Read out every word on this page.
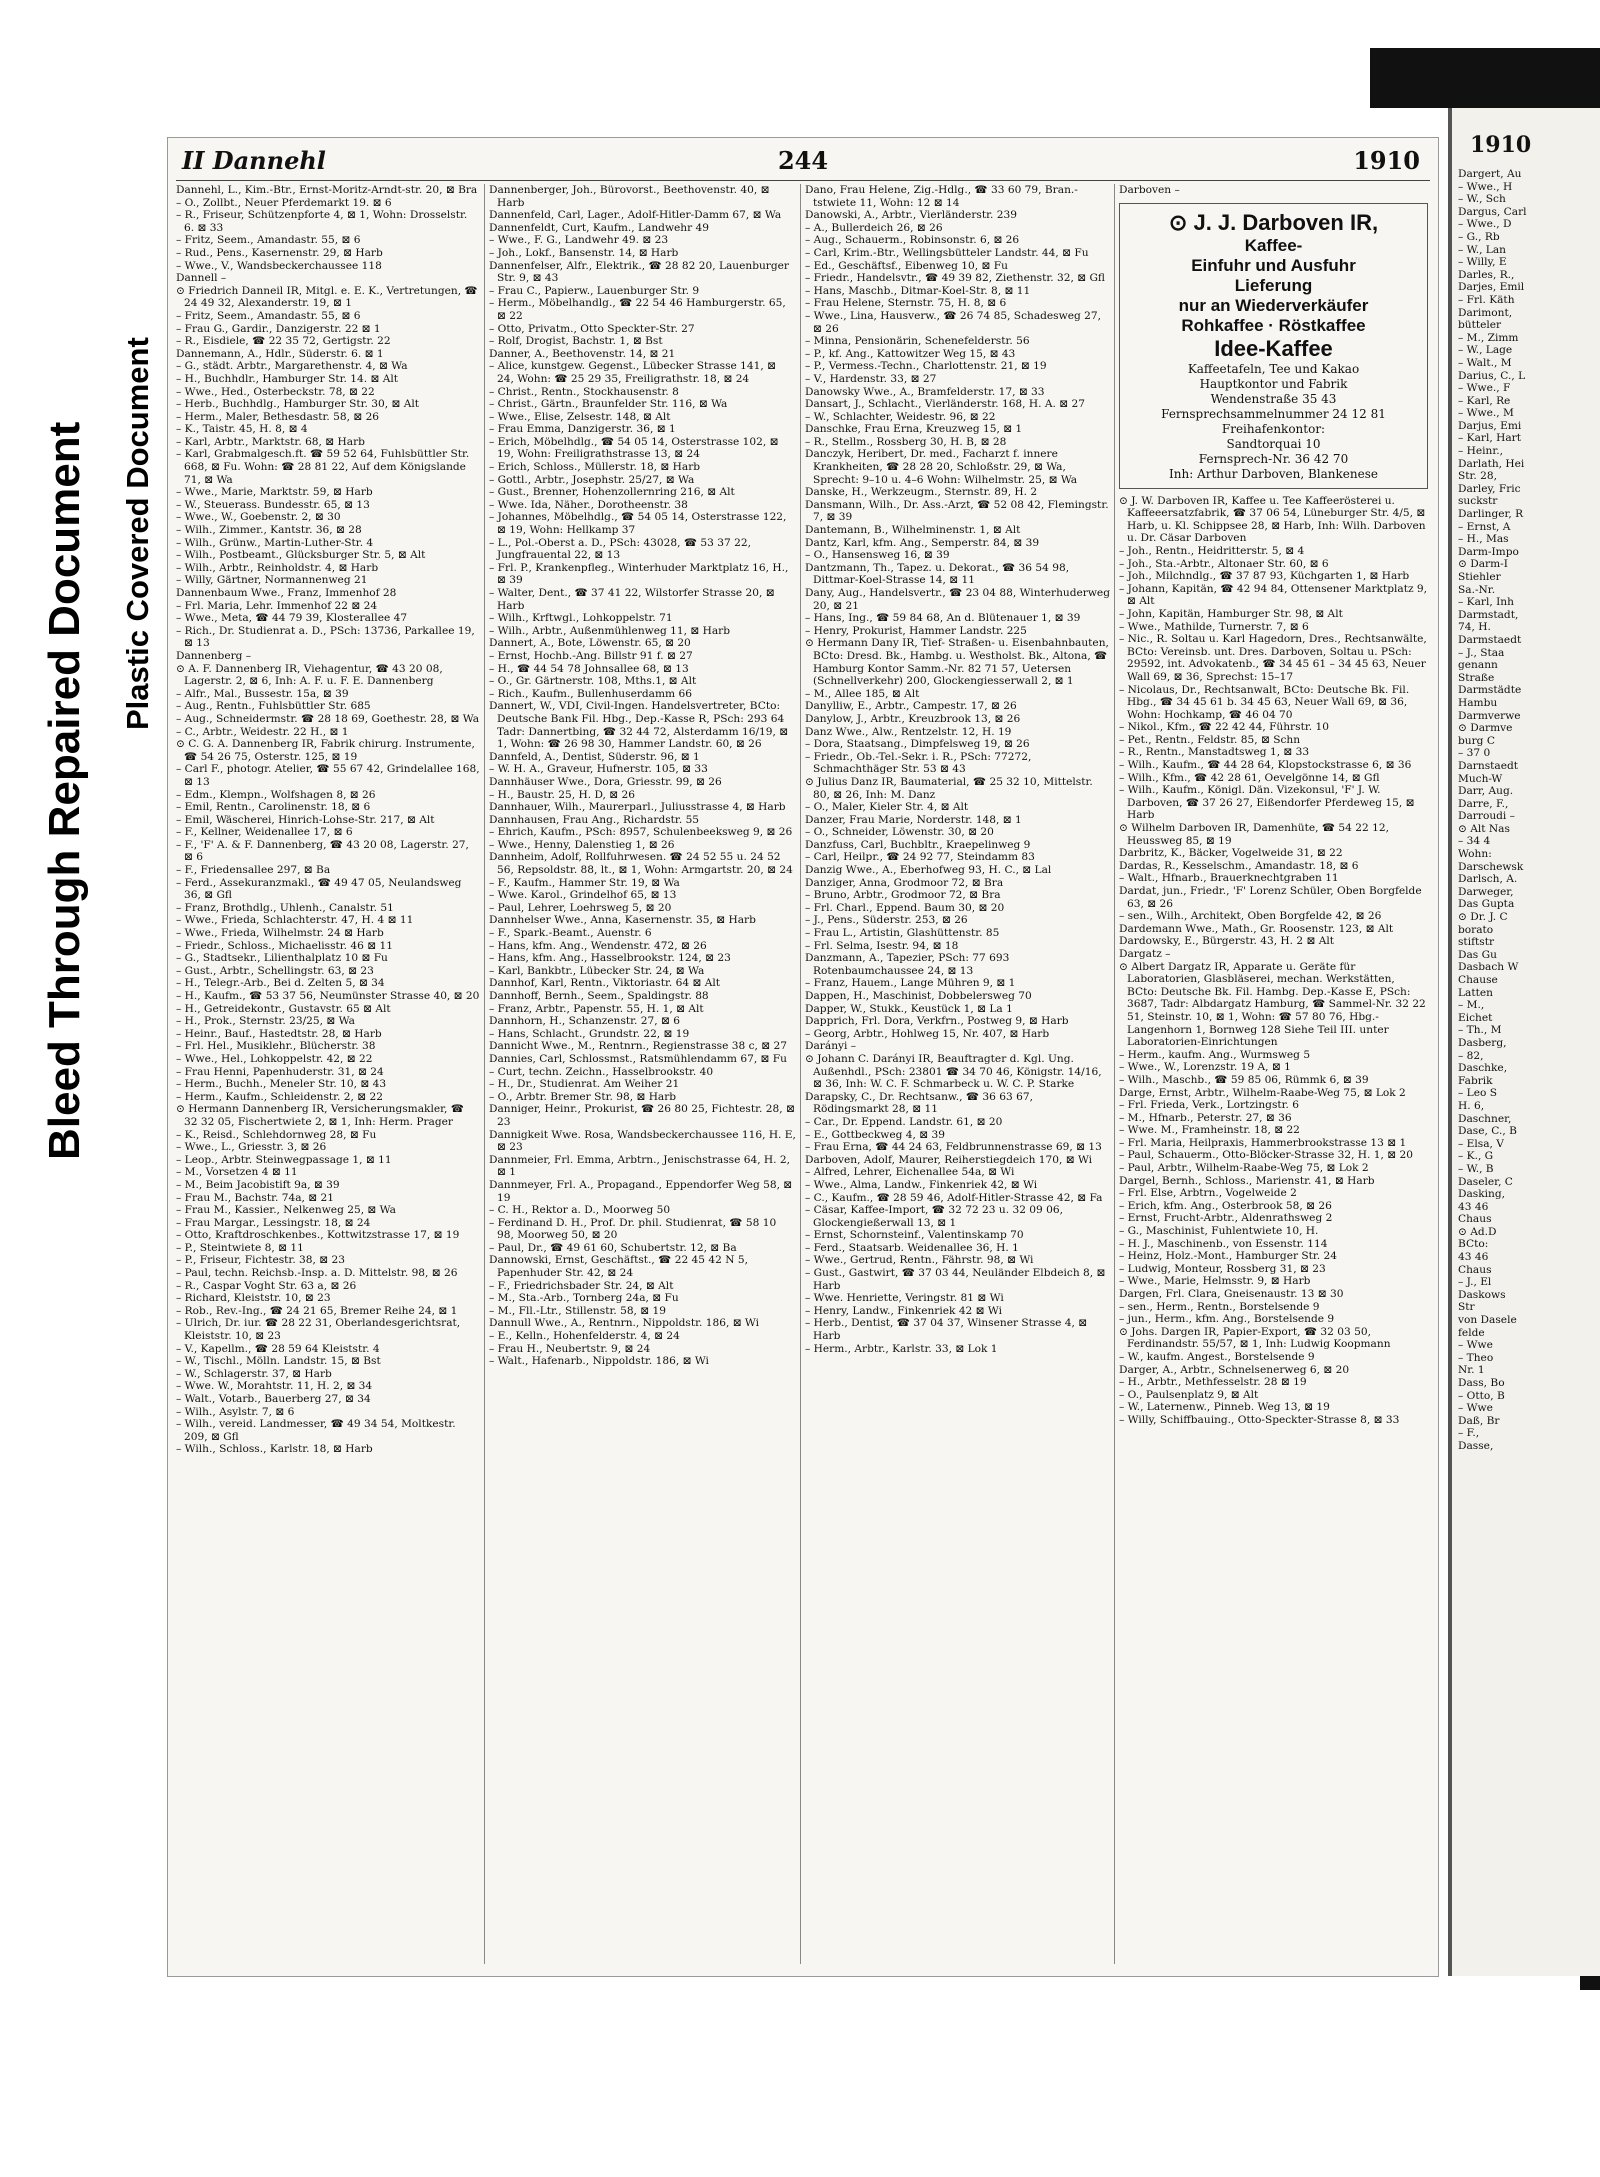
Bleed Through Repaired Document Plastic Covered Document
II Dannehl	244	1910
Dannehl, L., Kim.-Btr., Ernst-Moritz-Arndt-str. 20, ⊠ Bra
– O., Zollbt., Neuer Pferdemarkt 19. ⊠ 6
– R., Friseur, Schützenpforte 4, ⊠ 1, Wohn: Drosselstr. 6. ⊠ 33
– Fritz, Seem., Amandastr. 55, ⊠ 6
– Rud., Pens., Kasernenstr. 29, ⊠ Harb
– Wwe., V., Wandsbeckerchaussee 118
Dannell –
⊙ Friedrich Danneil IR, Mitgl. e. E. K., Vertretungen, ☎ 24 49 32, Alexanderstr. 19, ⊠ 1
– Fritz, Seem., Amandastr. 55, ⊠ 6
– Frau G., Gardir., Danzigerstr. 22 ⊠ 1
– R., Eisdiele, ☎ 22 35 72, Gertigstr. 22
Dannemann, A., Hdlr., Süderstr. 6. ⊠ 1
– G., städt. Arbtr., Margarethenstr. 4, ⊠ Wa
– H., Buchhdlr., Hamburger Str. 14. ⊠ Alt
– Wwe., Hed., Osterbeckstr. 78, ⊠ 22
– Herb., Buchhdlg., Hamburger Str. 30, ⊠ Alt
– Herm., Maler, Bethesdastr. 58, ⊠ 26
– K., Taistr. 45, H. 8, ⊠ 4
– Karl, Arbtr., Marktstr. 68, ⊠ Harb
– Karl, Grabmalgesch.ft. ☎ 59 52 64, Fuhlsbüttler Str. 668, ⊠ Fu. Wohn: ☎ 28 81 22, Auf dem Königslande 71, ⊠ Wa
– Wwe., Marie, Marktstr. 59, ⊠ Harb
– W., Steuerass. Bundesstr. 65, ⊠ 13
– Wwe., W., Goebenstr. 2, ⊠ 30
– Wilh., Zimmer., Kantstr. 36, ⊠ 28
– Wilh., Grünw., Martin-Luther-Str. 4
– Wilh., Postbeamt., Glücksburger Str. 5, ⊠ Alt
– Wilh., Arbtr., Reinholdstr. 4, ⊠ Harb
– Willy, Gärtner, Normannenweg 21
Dannenbaum Wwe., Franz, Immenhof 28
– Frl. Maria, Lehr. Immenhof 22 ⊠ 24
– Wwe., Meta, ☎ 44 79 39, Klosterallee 47
– Rich., Dr. Studienrat a. D., PSch: 13736, Parkallee 19, ⊠ 13
Dannenberg –
⊙ A. F. Dannenberg IR, Viehagentur, ☎ 43 20 08, Lagerstr. 2, ⊠ 6, Inh: A. F. u. F. E. Dannenberg
– Alfr., Mal., Bussestr. 15a, ⊠ 39
– Aug., Rentn., Fuhlsbüttler Str. 685
– Aug., Schneidermstr. ☎ 28 18 69, Goethestr. 28, ⊠ Wa
– C., Arbtr., Weidestr. 22 H., ⊠ 1
⊙ C. G. A. Dannenberg IR, Fabrik chirurg. Instrumente, ☎ 54 26 75, Osterstr. 125, ⊠ 19
– Carl F., photogr. Atelier, ☎ 55 67 42, Grindelallee 168, ⊠ 13
– Edm., Klempn., Wolfshagen 8, ⊠ 26
– Emil, Rentn., Carolinenstr. 18, ⊠ 6
– Emil, Wäscherei, Hinrich-Lohse-Str. 217, ⊠ Alt
– F., Kellner, Weidenallee 17, ⊠ 6
– F., 'F' A. & F. Dannenberg, ☎ 43 20 08, Lagerstr. 27, ⊠ 6
– F., Friedensallee 297, ⊠ Ba
– Ferd., Assekuranzmakl., ☎ 49 47 05, Neulandsweg 36, ⊠ Gfl
– Franz, Brothdlg., Uhlenh., Canalstr. 51
– Wwe., Frieda, Schlachterstr. 47, H. 4 ⊠ 11
– Wwe., Frieda, Wilhelmstr. 24 ⊠ Harb
– Friedr., Schloss., Michaelisstr. 46 ⊠ 11
– G., Stadtsekr., Lilienthalplatz 10 ⊠ Fu
– Gust., Arbtr., Schellingstr. 63, ⊠ 23
– H., Telegr.-Arb., Bei d. Zelten 5, ⊠ 34
– H., Kaufm., ☎ 53 37 56, Neumünster Strasse 40, ⊠ 20
– H., Getreidekontr., Gustavstr. 65 ⊠ Alt
– H., Prok., Sternstr. 23/25, ⊠ Wa
– Heinr., Bauf., Hastedtstr. 28, ⊠ Harb
– Frl. Hel., Musiklehr., Blücherstr. 38
– Wwe., Hel., Lohkoppelstr. 42, ⊠ 22
– Frau Henni, Papenhuderstr. 31, ⊠ 24
– Herm., Buchh., Meneler Str. 10, ⊠ 43
– Herm., Kaufm., Schleidenstr. 2, ⊠ 22
⊙ Hermann Dannenberg IR, Versicherungsmakler, ☎ 32 32 05, Fischertwiete 2, ⊠ 1, Inh: Herm. Prager
– K., Reisd., Schlehdornweg 28, ⊠ Fu
– Wwe., L., Griesstr. 3, ⊠ 26
– Leop., Arbtr. Steinwegpassage 1, ⊠ 11
– M., Vorsetzen 4 ⊠ 11
– M., Beim Jacobistift 9a, ⊠ 39
– Frau M., Bachstr. 74a, ⊠ 21
– Frau M., Kassier., Nelkenweg 25, ⊠ Wa
– Frau Margar., Lessingstr. 18, ⊠ 24
– Otto, Kraftdroschkenbes., Kottwitzstrasse 17, ⊠ 19
– P., Steintwiete 8, ⊠ 11
– P., Friseur, Fichtestr. 38, ⊠ 23
– Paul, techn. Reichsb.-Insp. a. D. Mittelstr. 98, ⊠ 26
– R., Caspar Voght Str. 63 a, ⊠ 26
– Richard, Kleiststr. 10, ⊠ 23
– Rob., Rev.-Ing., ☎ 24 21 65, Bremer Reihe 24, ⊠ 1
– Ulrich, Dr. iur. ☎ 28 22 31, Oberlandesgerichtsrat, Kleiststr. 10, ⊠ 23
– V., Kapellm., ☎ 28 59 64 Kleiststr. 4
– W., Tischl., Mölln. Landstr. 15, ⊠ Bst
– W., Schlagerstr. 37, ⊠ Harb
– Wwe. W., Morahtstr. 11, H. 2, ⊠ 34
– Walt., Votarb., Bauerberg 27, ⊠ 34
– Wilh., Asylstr. 7, ⊠ 6
– Wilh., vereid. Landmesser, ☎ 49 34 54, Moltkestr. 209, ⊠ Gfl
– Wilh., Schloss., Karlstr. 18, ⊠ Harb
Dannenberger, Joh., Bürovorst., Beethovenstr. 40, ⊠ Harb
Dannenfeld, Carl, Lager., Adolf-Hitler-Damm 67, ⊠ Wa
Dannenfeldt, Curt, Kaufm., Landwehr 49
– Wwe., F. G., Landwehr 49. ⊠ 23
– Joh., Lokf., Bansenstr. 14, ⊠ Harb
Dannenfelser, Alfr., Elektrik., ☎ 28 82 20, Lauenburger Str. 9, ⊠ 43
– Frau C., Papierw., Lauenburger Str. 9
– Herm., Möbelhandlg., ☎ 22 54 46 Hamburgerstr. 65, ⊠ 22
– Otto, Privatm., Otto Speckter-Str. 27
– Rolf, Drogist, Bachstr. 1, ⊠ Bst
Danner, A., Beethovenstr. 14, ⊠ 21
– Alice, kunstgew. Gegenst., Lübecker Strasse 141, ⊠ 24, Wohn: ☎ 25 29 35, Freiligrathstr. 18, ⊠ 24
– Christ., Rentn., Stockhausenstr. 8
– Christ., Gärtn., Braunfelder Str. 116, ⊠ Wa
– Wwe., Elise, Zelsestr. 148, ⊠ Alt
– Frau Emma, Danzigerstr. 36, ⊠ 1
– Erich, Möbelhdlg., ☎ 54 05 14, Osterstrasse 102, ⊠ 19, Wohn: Freiligrathstrasse 13, ⊠ 24
– Erich, Schloss., Müllerstr. 18, ⊠ Harb
– Gottl., Arbtr., Josephstr. 25/27, ⊠ Wa
– Gust., Brenner, Hohenzollernring 216, ⊠ Alt
– Wwe. Ida, Näher., Dorotheenstr. 38
– Johannes, Möbelhdlg., ☎ 54 05 14, Osterstrasse 122, ⊠ 19, Wohn: Hellkamp 37
– L., Pol.-Oberst a. D., PSch: 43028, ☎ 53 37 22, Jungfrauental 22, ⊠ 13
– Frl. P., Krankenpfleg., Winterhuder Marktplatz 16, H., ⊠ 39
– Walter, Dent., ☎ 37 41 22, Wilstorfer Strasse 20, ⊠ Harb
– Wilh., Krftwgl., Lohkoppelstr. 71
– Wilh., Arbtr., Außenmühlenweg 11, ⊠ Harb
Dannert, A., Bote, Löwenstr. 65, ⊠ 20
– Ernst, Hochb.-Ang. Billstr 91 f. ⊠ 27
– H., ☎ 44 54 78 Johnsallee 68, ⊠ 13
– O., Gr. Gärtnerstr. 108, Mths.1, ⊠ Alt
– Rich., Kaufm., Bullenhuserdamm 66
Dannert, W., VDI, Civil-Ingen. Handelsvertreter, BCto: Deutsche Bank Fil. Hbg., Dep.-Kasse R, PSch: 293 64 Tadr: Dannertbing, ☎ 32 44 72, Alsterdamm 16/19, ⊠ 1, Wohn: ☎ 26 98 30, Hammer Landstr. 60, ⊠ 26
Dannfeld, A., Dentist, Süderstr. 96, ⊠ 1
– W. H. A., Graveur, Hufnerstr. 105, ⊠ 33
Dannhäuser Wwe., Dora, Griesstr. 99, ⊠ 26
– H., Baustr. 25, H. D, ⊠ 26
Dannhauer, Wilh., Maurerparl., Juliusstrasse 4, ⊠ Harb
Dannhausen, Frau Ang., Richardstr. 55
– Ehrich, Kaufm., PSch: 8957, Schulenbeeksweg 9, ⊠ 26
– Wwe., Henny, Dalenstieg 1, ⊠ 26
Dannheim, Adolf, Rollfuhrwesen. ☎ 24 52 55 u. 24 52 56, Repsoldstr. 88, lt., ⊠ 1, Wohn: Armgartstr. 20, ⊠ 24
– F., Kaufm., Hammer Str. 19, ⊠ Wa
– Wwe. Karol., Grindelhof 65, ⊠ 13
– Paul, Lehrer, Loehrsweg 5, ⊠ 20
Dannhelser Wwe., Anna, Kasernenstr. 35, ⊠ Harb
– F., Spark.-Beamt., Auenstr. 6
– Hans, kfm. Ang., Wendenstr. 472, ⊠ 26
– Hans, kfm. Ang., Hasselbrookstr. 124, ⊠ 23
– Karl, Bankbtr., Lübecker Str. 24, ⊠ Wa
Dannhof, Karl, Rentn., Viktoriastr. 64 ⊠ Alt
Dannhoff, Bernh., Seem., Spaldingstr. 88
– Franz, Arbtr., Papenstr. 55, H. 1, ⊠ Alt
Dannhorn, H., Schanzenstr. 27, ⊠ 6
– Hans, Schlacht., Grundstr. 22, ⊠ 19
Dannicht Wwe., M., Rentnrn., Regienstrasse 38 c, ⊠ 27
Dannies, Carl, Schlossmst., Ratsmühlendamm 67, ⊠ Fu
– Curt, techn. Zeichn., Hasselbrookstr. 40
– H., Dr., Studienrat. Am Weiher 21
– O., Arbtr. Bremer Str. 98, ⊠ Harb
Danniger, Heinr., Prokurist, ☎ 26 80 25, Fichtestr. 28, ⊠ 23
Dannigkeit Wwe. Rosa, Wandsbeckerchaussee 116, H. E, ⊠ 23
Dannmeier, Frl. Emma, Arbtrn., Jenischstrasse 64, H. 2, ⊠ 1
Dannmeyer, Frl. A., Propagand., Eppendorfer Weg 58, ⊠ 19
– C. H., Rektor a. D., Moorweg 50
– Ferdinand D. H., Prof. Dr. phil. Studienrat, ☎ 58 10 98, Moorweg 50, ⊠ 20
– Paul, Dr., ☎ 49 61 60, Schubertstr. 12, ⊠ Ba
Dannowski, Ernst, Geschäftst., ☎ 22 45 42 N 5, Papenhuder Str. 42, ⊠ 24
– F., Friedrichsbader Str. 24, ⊠ Alt
– M., Sta.-Arb., Tornberg 24a, ⊠ Fu
– M., Fll.-Ltr., Stillenstr. 58, ⊠ 19
Dannull Wwe., A., Rentnrn., Nippoldstr. 186, ⊠ Wi
– E., Kelln., Hohenfelderstr. 4, ⊠ 24
– Frau H., Neubertstr. 9, ⊠ 24
– Walt., Hafenarb., Nippoldstr. 186, ⊠ Wi
Dano, Frau Helene, Zig.-Hdlg., ☎ 33 60 79, Bran.-tstwiete 11, Wohn: 12 ⊠ 14
Danowski, A., Arbtr., Vierländerstr. 239
– A., Bullerdeich 26, ⊠ 26
– Aug., Schauerm., Robinsonstr. 6, ⊠ 26
– Carl, Krim.-Btr., Wellingsbütteler Landstr. 44, ⊠ Fu
– Ed., Geschäftsf., Eibenweg 10, ⊠ Fu
– Friedr., Handelsvtr., ☎ 49 39 82, Ziethenstr. 32, ⊠ Gfl
– Hans, Maschb., Ditmar-Koel-Str. 8, ⊠ 11
– Frau Helene, Sternstr. 75, H. 8, ⊠ 6
– Wwe., Lina, Hausverw., ☎ 26 74 85, Schadesweg 27, ⊠ 26
– Minna, Pensionärin, Schenefelderstr. 56
– P., kf. Ang., Kattowitzer Weg 15, ⊠ 43
– P., Vermess.-Techn., Charlottenstr. 21, ⊠ 19
– V., Hardenstr. 33, ⊠ 27
Danowsky Wwe., A., Bramfelderstr. 17, ⊠ 33
Dansart, J., Schlacht., Vierländerstr. 168, H. A. ⊠ 27
– W., Schlachter, Weidestr. 96, ⊠ 22
Danschke, Frau Erna, Kreuzweg 15, ⊠ 1
– R., Stellm., Rossberg 30, H. B, ⊠ 28
Danczyk, Heribert, Dr. med., Facharzt f. innere Krankheiten, ☎ 28 28 20, Schloßstr. 29, ⊠ Wa, Sprecht: 9–10 u. 4–6 Wohn: Wilhelmstr. 25, ⊠ Wa
Danske, H., Werkzeugm., Sternstr. 89, H. 2
Dansmann, Wilh., Dr. Ass.-Arzt, ☎ 52 08 42, Flemingstr. 7, ⊠ 39
Dantemann, B., Wilhelminenstr. 1, ⊠ Alt
Dantz, Karl, kfm. Ang., Semperstr. 84, ⊠ 39
– O., Hansensweg 16, ⊠ 39
Dantzmann, Th., Tapez. u. Dekorat., ☎ 36 54 98, Dittmar-Koel-Strasse 14, ⊠ 11
Dany, Aug., Handelsvertr., ☎ 23 04 88, Winterhuderweg 20, ⊠ 21
– Hans, Ing., ☎ 59 84 68, An d. Blütenauer 1, ⊠ 39
– Henry, Prokurist, Hammer Landstr. 225
⊙ Hermann Dany IR, Tief- Straßen- u. Eisenbahnbauten, BCto: Dresd. Bk., Hambg. u. Westholst. Bk., Altona, ☎ Hamburg Kontor Samm.-Nr. 82 71 57, Uetersen (Schnellverkehr) 200, Glockengiesserwall 2, ⊠ 1
– M., Allee 185, ⊠ Alt
Danylliw, E., Arbtr., Campestr. 17, ⊠ 26
Danylow, J., Arbtr., Kreuzbrook 13, ⊠ 26
Danz Wwe., Alw., Rentzelstr. 12, H. 19
– Dora, Staatsang., Dimpfelsweg 19, ⊠ 26
– Friedr., Ob.-Tel.-Sekr. i. R., PSch: 77272, Schmachthäger Str. 53 ⊠ 43
⊙ Julius Danz IR, Baumaterial, ☎ 25 32 10, Mittelstr. 80, ⊠ 26, Inh: M. Danz
– O., Maler, Kieler Str. 4, ⊠ Alt
Danzer, Frau Marie, Norderstr. 148, ⊠ 1
– O., Schneider, Löwenstr. 30, ⊠ 20
Danzfuss, Carl, Buchbltr., Kraepelinweg 9
– Carl, Heilpr., ☎ 24 92 77, Steindamm 83
Danzig Wwe., A., Eberhofweg 93, H. C., ⊠ Lal
Danziger, Anna, Grodmoor 72, ⊠ Bra
– Bruno, Arbtr., Grodmoor 72, ⊠ Bra
– Frl. Charl., Eppend. Baum 30, ⊠ 20
– J., Pens., Süderstr. 253, ⊠ 26
– Frau L., Artistin, Glashüttenstr. 85
– Frl. Selma, Isestr. 94, ⊠ 18
Danzmann, A., Tapezier, PSch: 77 693 Rotenbaumchaussee 24, ⊠ 13
– Franz, Hauem., Lange Mühren 9, ⊠ 1
Dappen, H., Maschinist, Dobbelersweg 70
Dapper, W., Stukk., Keustück 1, ⊠ La 1
Dapprich, Frl. Dora, Verkfrn., Postweg 9, ⊠ Harb
– Georg, Arbtr., Hohlweg 15, Nr. 407, ⊠ Harb
Darányi –
⊙ Johann C. Darányi IR, Beauftragter d. Kgl. Ung. Außenhdl., PSch: 23801 ☎ 34 70 46, Königstr. 14/16, ⊠ 36, Inh: W. C. F. Schmarbeck u. W. C. P. Starke
Darapsky, C., Dr. Rechtsanw., ☎ 36 63 67, Rödingsmarkt 28, ⊠ 11
– Car., Dr. Eppend. Landstr. 61, ⊠ 20
– E., Gottbeckweg 4, ⊠ 39
– Frau Erna, ☎ 44 24 63, Feldbrunnenstrasse 69, ⊠ 13
Darboven, Adolf, Maurer, Reiherstiegdeich 170, ⊠ Wi
– Alfred, Lehrer, Eichenallee 54a, ⊠ Wi
– Wwe., Alma, Landw., Finkenriek 42, ⊠ Wi
– C., Kaufm., ☎ 28 59 46, Adolf-Hitler-Strasse 42, ⊠ Fa
– Cäsar, Kaffee-Import, ☎ 32 72 23 u. 32 09 06, Glockengießerwall 13, ⊠ 1
– Ernst, Schornsteinf., Valentinskamp 70
– Ferd., Staatsarb. Weidenallee 36, H. 1
– Wwe., Gertrud, Rentn., Fährstr. 98, ⊠ Wi
– Gust., Gastwirt, ☎ 37 03 44, Neuländer Elbdeich 8, ⊠ Harb
– Wwe. Henriette, Veringstr. 81 ⊠ Wi
– Henry, Landw., Finkenriek 42 ⊠ Wi
– Herb., Dentist, ☎ 37 04 37, Winsener Strasse 4, ⊠ Harb
– Herm., Arbtr., Karlstr. 33, ⊠ Lok 1
Darboven –
⊙ J. J. Darboven IR,
Kaffee-
Einfuhr und Ausfuhr
Lieferung
nur an Wiederverkäufer
Rohkaffee · Röstkaffee
Idee-Kaffee
Kaffeetafeln, Tee und Kakao
Hauptkontor und Fabrik
Wendenstraße 35 43
Fernsprechsammelnummer 24 12 81
Freihafenkontor:
Sandtorquai 10
Fernsprech-Nr. 36 42 70
Inh: Arthur Darboven, Blankenese
⊙ J. W. Darboven IR, Kaffee u. Tee Kaffeerösterei u. Kaffeeersatzfabrik, ☎ 37 06 54, Lüneburger Str. 4/5, ⊠ Harb, u. Kl. Schippsee 28, ⊠ Harb, Inh: Wilh. Darboven u. Dr. Cäsar Darboven
– Joh., Rentn., Heidritterstr. 5, ⊠ 4
– Joh., Sta.-Arbtr., Altonaer Str. 60, ⊠ 6
– Joh., Milchndlg., ☎ 37 87 93, Küchgarten 1, ⊠ Harb
– Johann, Kapitän, ☎ 42 94 84, Ottensener Marktplatz 9, ⊠ Alt
– John, Kapitän, Hamburger Str. 98, ⊠ Alt
– Wwe., Mathilde, Turnerstr. 7, ⊠ 6
– Nic., R. Soltau u. Karl Hagedorn, Dres., Rechtsanwälte, BCto: Vereinsb. unt. Dres. Darboven, Soltau u. PSch: 29592, int. Advokatenb., ☎ 34 45 61 – 34 45 63, Neuer Wall 69, ⊠ 36, Sprechst: 15–17
– Nicolaus, Dr., Rechtsanwalt, BCto: Deutsche Bk. Fil. Hbg., ☎ 34 45 61 b. 34 45 63, Neuer Wall 69, ⊠ 36, Wohn: Hochkamp, ☎ 46 04 70
– Nikol., Kfm., ☎ 22 42 44, Führstr. 10
– Pet., Rentn., Feldstr. 85, ⊠ Schn
– R., Rentn., Manstadtsweg 1, ⊠ 33
– Wilh., Kaufm., ☎ 44 28 64, Klopstockstrasse 6, ⊠ 36
– Wilh., Kfm., ☎ 42 28 61, Oevelgönne 14, ⊠ Gfl
– Wilh., Kaufm., Königl. Dän. Vizekonsul, 'F' J. W. Darboven, ☎ 37 26 27, Eißendorfer Pferdeweg 15, ⊠ Harb
⊙ Wilhelm Darboven IR, Damenhüte, ☎ 54 22 12, Heussweg 85, ⊠ 19
Darbritz, K., Bäcker, Vogelweide 31, ⊠ 22
Dardas, R., Kesselschm., Amandastr. 18, ⊠ 6
– Walt., Hfnarb., Brauerknechtgraben 11
Dardat, jun., Friedr., 'F' Lorenz Schüler, Oben Borgfelde 63, ⊠ 26
– sen., Wilh., Architekt, Oben Borgfelde 42, ⊠ 26
Dardemann Wwe., Math., Gr. Roosenstr. 123, ⊠ Alt
Dardowsky, E., Bürgerstr. 43, H. 2 ⊠ Alt
Dargatz –
⊙ Albert Dargatz IR, Apparate u. Geräte für Laboratorien, Glasbläserei, mechan. Werkstätten, BCto: Deutsche Bk. Fil. Hambg. Dep.-Kasse E, PSch: 3687, Tadr: Albdargatz Hamburg, ☎ Sammel-Nr. 32 22 51, Steinstr. 10, ⊠ 1, Wohn: ☎ 57 80 76, Hbg.-Langenhorn 1, Bornweg 128 Siehe Teil III. unter Laboratorien-Einrichtungen
– Herm., kaufm. Ang., Wurmsweg 5
– Wwe., W., Lorenzstr. 19 A, ⊠ 1
– Wilh., Maschb., ☎ 59 85 06, Rümmk 6, ⊠ 39
Darge, Ernst, Arbtr., Wilhelm-Raabe-Weg 75, ⊠ Lok 2
– Frl. Frieda, Verk., Lortzingstr. 6
– M., Hfnarb., Peterstr. 27, ⊠ 36
– Wwe. M., Framheinstr. 18, ⊠ 22
– Frl. Maria, Heilpraxis, Hammerbrookstrasse 13 ⊠ 1
– Paul, Schauerm., Otto-Blöcker-Strasse 32, H. 1, ⊠ 20
– Paul, Arbtr., Wilhelm-Raabe-Weg 75, ⊠ Lok 2
Dargel, Bernh., Schloss., Marienstr. 41, ⊠ Harb
– Frl. Else, Arbtrn., Vogelweide 2
– Erich, kfm. Ang., Osterbrook 58, ⊠ 26
– Ernst, Frucht-Arbtr., Aldenrathsweg 2
– G., Maschinist, Fuhlentwiete 10, H.
– H. J., Maschinenb., von Essenstr. 114
– Heinz, Holz.-Mont., Hamburger Str. 24
– Ludwig, Monteur, Rossberg 31, ⊠ 23
– Wwe., Marie, Helmsstr. 9, ⊠ Harb
Dargen, Frl. Clara, Gneisenaustr. 13 ⊠ 30
– sen., Herm., Rentn., Borstelsende 9
– jun., Herm., kfm. Ang., Borstelsende 9
⊙ Johs. Dargen IR, Papier-Export, ☎ 32 03 50, Ferdinandstr. 55/57, ⊠ 1, Inh: Ludwig Koopmann
– W., kaufm. Angest., Borstelsende 9
Darger, A., Arbtr., Schnelsenerweg 6, ⊠ 20
– H., Arbtr., Methfesselstr. 28 ⊠ 19
– O., Paulsenplatz 9, ⊠ Alt
– W., Laternenw., Pinneb. Weg 13, ⊠ 19
– Willy, Schiffbauing., Otto-Speckter-Strasse 8, ⊠ 33
1910
Dargert, Au
– Wwe., H
– W., Sch
Dargus, Carl
– Wwe., D
– G., Rb
– W., Lan
– Willy, E
Darles, R.,
Darjes, Emil
– Frl. Käth
Darimont,
bütteler
– M., Zimm
– W., Lage
– Walt., M
Darius, C., L
– Wwe., F
– Karl, Re
– Wwe., M
Darjus, Emi
– Karl, Hart
– Heinr.,
Darlath, Hei
Str. 28,
Darley, Fric
suckstr
Darlinger, R
– Ernst, A
– H., Mas
Darm-Impo
⊙ Darm-I
Stiehler
Sa.-Nr.
– Karl, Inh
Darmstadt,
74, H.
Darmstaedt
– J., Staa
genann
Straße
Darmstädte
Hambu
Darmverwe
⊙ Darmve
burg C
– 37 0
Darnstaedt
Much-W
Darr, Aug.
Darre, F.,
Darroudi –
⊙ Alt Nas
– 34 4
Wohn:
Darschewsk
Darlsch, A.
Darweger,
Das Gupta
⊙ Dr. J. C
borato
stiftstr
Das Gu
Dasbach W
Chause
Latten
– M.,
Eichet
– Th., M
Dasberg,
– 82,
Daschke,
Fabrik
– Leo S
H. 6,
Daschner,
Dase, C., B
– Elsa, V
– K., G
– W., B
Daseler, C
Dasking,
43 46
Chaus
⊙ Ad.D
BCto:
43 46
Chaus
– J., El
Daskows
Str
von Dasele
felde
– Wwe
– Theo
Nr. 1
Dass, Bo
– Otto, B
– Wwe
Daß, Br
– F.,
Dasse,
